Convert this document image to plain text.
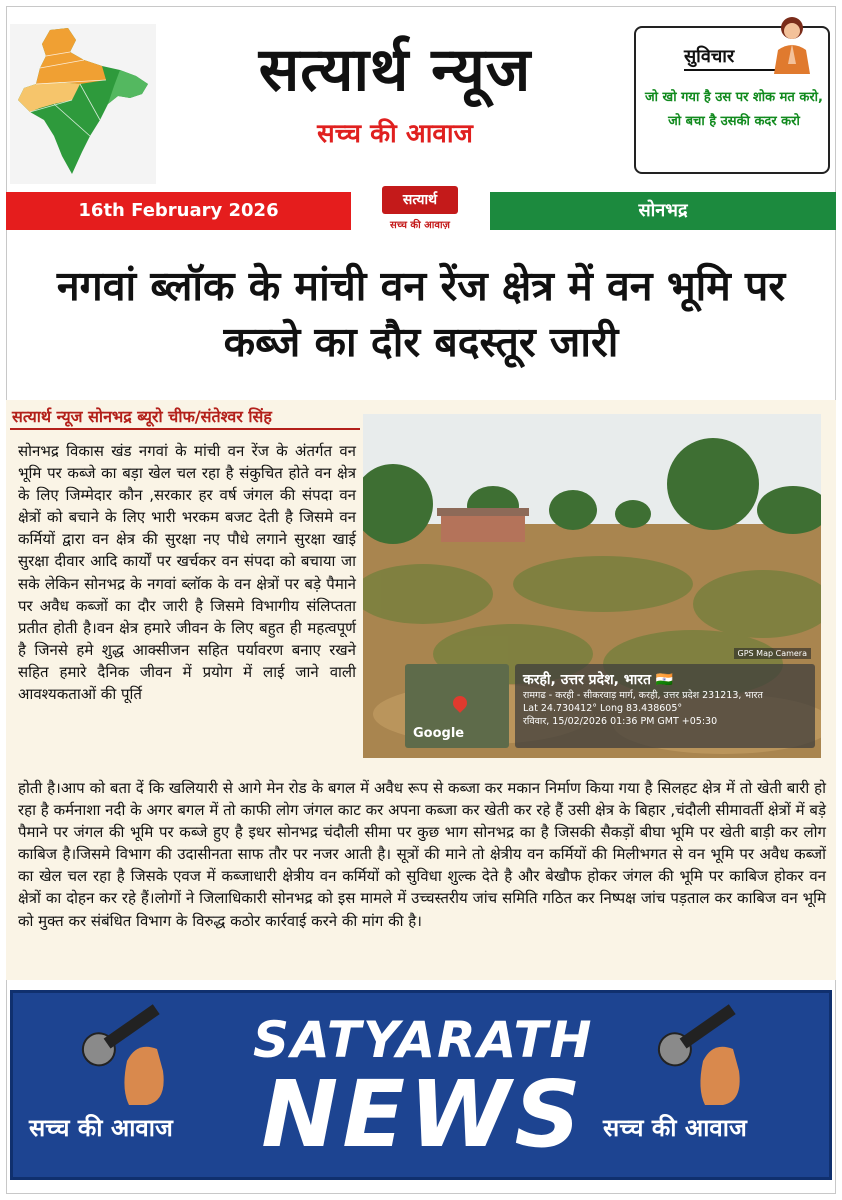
सत्यार्थ न्यूज
सच्च की आवाज
सुविचार
जो खो गया है उस पर शोक मत करो, जो बचा है उसकी कदर करो
16th February 2026	सत्यार्थ
सच्च की आवाज़
सोनभद्र
नगवां ब्लॉक के मांची वन रेंज क्षेत्र में वन भूमि पर कब्जे का दौर बदस्तूर जारी
सत्यार्थ न्यूज सोनभद्र ब्यूरो चीफ/संतेश्वर सिंह
सोनभद्र विकास खंड नगवां के मांची वन रेंज के अंतर्गत वन भूमि पर कब्जे का बड़ा खेल चल रहा है संकुचित होते वन क्षेत्र के लिए जिम्मेदार कौन ,सरकार हर वर्ष जंगल की संपदा वन क्षेत्रों को बचाने के लिए भारी भरकम बजट देती है जिसमे वन कर्मियों द्वारा वन क्षेत्र की सुरक्षा नए पौधे लगाने सुरक्षा खाई सुरक्षा दीवार आदि कार्यों पर खर्चकर वन संपदा को बचाया जा सके लेकिन सोनभद्र के नगवां ब्लॉक के वन क्षेत्रों पर बड़े पैमाने पर अवैध कब्जों का दौर जारी है जिसमे विभागीय संलिप्तता प्रतीत होती है।वन क्षेत्र हमारे जीवन के लिए बहुत ही महत्वपूर्ण है जिनसे हमे शुद्ध आक्सीजन सहित पर्यावरण बनाए रखने सहित हमारे दैनिक जीवन में प्रयोग में लाई जाने वाली आवश्यकताओं की पूर्ति
Google
GPS Map Camera
करही, उत्तर प्रदेश, भारत 🇮🇳
रामगढ - करही - सीकरवाड़ मार्ग, करही, उत्तर प्रदेश 231213, भारत
Lat 24.730412° Long 83.438605°
रविवार, 15/02/2026 01:36 PM GMT +05:30
होती है।आप को बता दें कि खलियारी से आगे मेन रोड के बगल में अवैध रूप से कब्जा कर मकान निर्माण किया गया है सिलहट क्षेत्र में तो खेती बारी हो रहा है कर्मनाशा नदी के अगर बगल में तो काफी लोग जंगल काट कर अपना कब्जा कर खेती कर रहे हैं उसी क्षेत्र के बिहार ,चंदौली सीमावर्ती क्षेत्रों में बड़े पैमाने पर जंगल की भूमि पर कब्जे हुए है इधर सोनभद्र चंदौली सीमा पर कुछ भाग सोनभद्र का है जिसकी सैकड़ों बीघा भूमि पर खेती बाड़ी कर लोग काबिज है।जिसमे विभाग की उदासीनता साफ तौर पर नजर आती है। सूत्रों की माने तो क्षेत्रीय वन कर्मियों की मिलीभगत से वन भूमि पर अवैध कब्जों का खेल चल रहा है जिसके एवज में कब्जाधारी क्षेत्रीय वन कर्मियों को सुविधा शुल्क देते है और बेखौफ होकर जंगल की भूमि पर काबिज होकर वन क्षेत्रों का दोहन कर रहे हैं।लोगों ने जिलाधिकारी सोनभद्र को इस मामले में उच्चस्तरीय जांच समिति गठित कर निष्पक्ष जांच पड़ताल कर काबिज वन भूमि को मुक्त कर संबंधित विभाग के विरुद्ध कठोर कार्रवाई करने की मांग की है।
SATYARATH
NEWS
सच्च की आवाज	सच्च की आवाज
